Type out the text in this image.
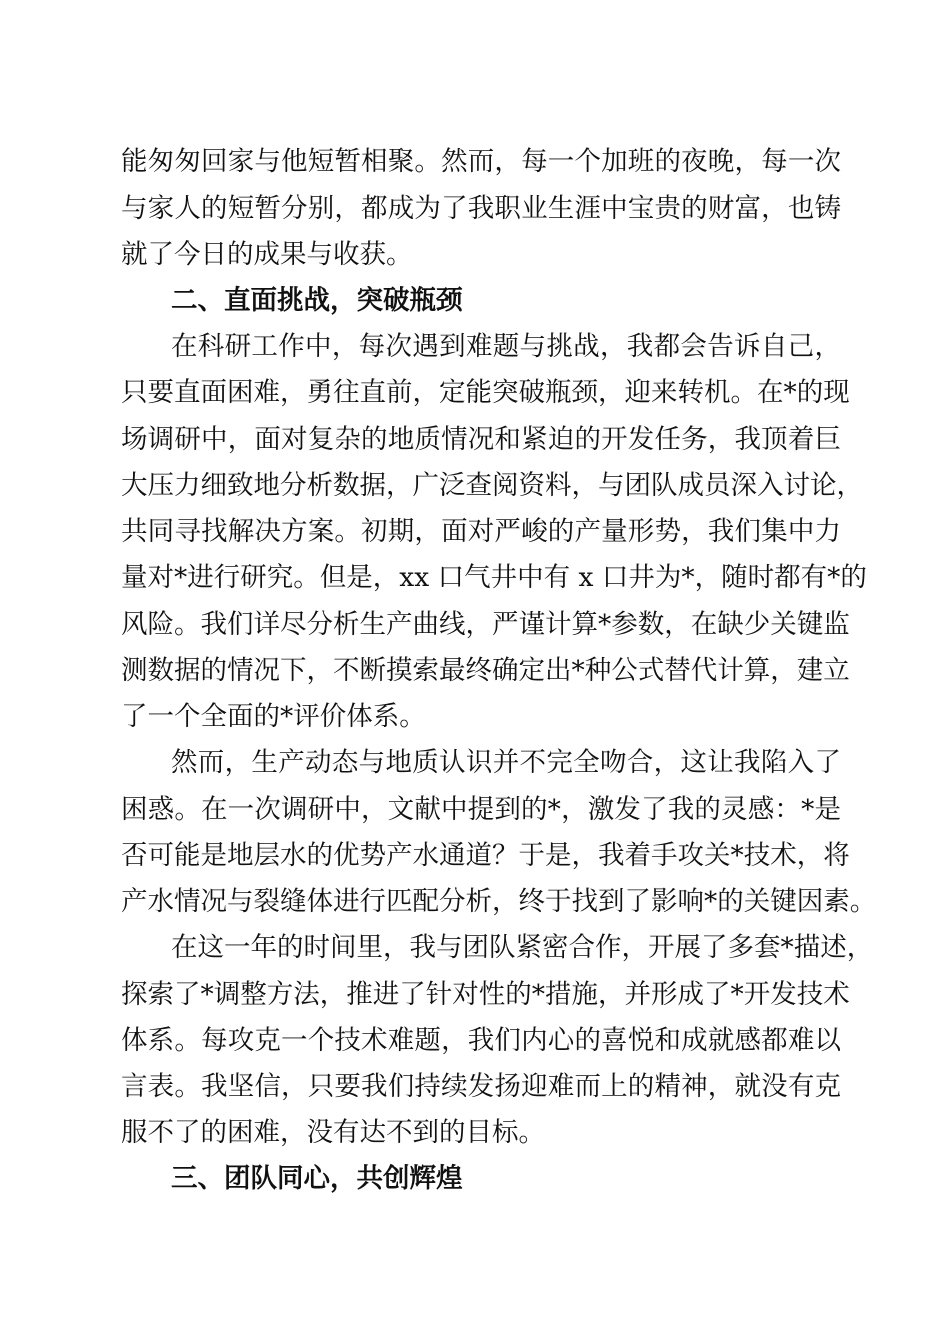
能匆匆回家与他短暂相聚。然而，每一个加班的夜晚，每一次
与家人的短暂分别，都成为了我职业生涯中宝贵的财富，也铸
就了今日的成果与收获。
二、直面挑战，突破瓶颈
在科研工作中，每次遇到难题与挑战，我都会告诉自己，
只要直面困难，勇往直前，定能突破瓶颈，迎来转机。在*的现
场调研中，面对复杂的地质情况和紧迫的开发任务，我顶着巨
大压力细致地分析数据，广泛查阅资料，与团队成员深入讨论，
共同寻找解决方案。初期，面对严峻的产量形势，我们集中力
量对*进行研究。但是，xx 口气井中有 x 口井为*，随时都有*的
风险。我们详尽分析生产曲线，严谨计算*参数，在缺少关键监
测数据的情况下，不断摸索最终确定出*种公式替代计算，建立
了一个全面的*评价体系。
然而，生产动态与地质认识并不完全吻合，这让我陷入了
困惑。在一次调研中，文献中提到的*，激发了我的灵感：*是
否可能是地层水的优势产水通道？于是，我着手攻关*技术，将
产水情况与裂缝体进行匹配分析，终于找到了影响*的关键因素。
在这一年的时间里，我与团队紧密合作，开展了多套*描述，
探索了*调整方法，推进了针对性的*措施，并形成了*开发技术
体系。每攻克一个技术难题，我们内心的喜悦和成就感都难以
言表。我坚信，只要我们持续发扬迎难而上的精神，就没有克
服不了的困难，没有达不到的目标。
三、团队同心，共创辉煌
